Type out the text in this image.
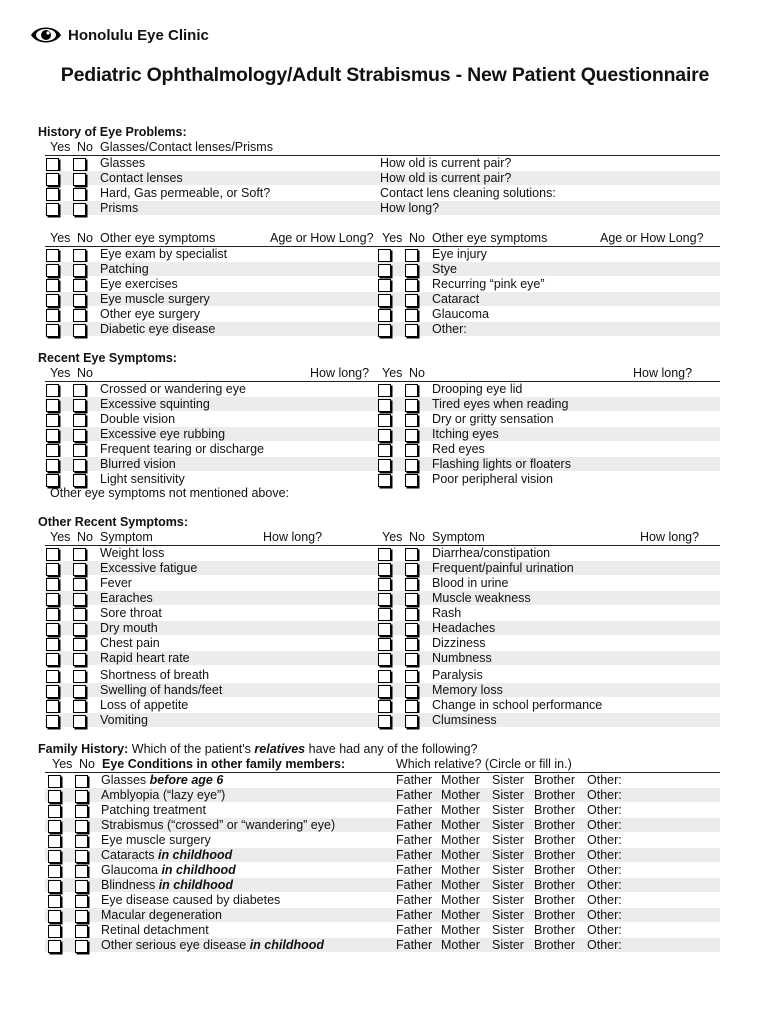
Honolulu Eye Clinic
Pediatric Ophthalmology/Adult Strabismus - New Patient Questionnaire
History of Eye Problems:
Yes No Glasses/Contact lenses/Prisms
Glasses	How old is current pair?
Contact lenses	How old is current pair?
Hard, Gas permeable, or Soft?	Contact lens cleaning solutions:
Prisms	How long?
Yes No Other eye symptoms	Age or How Long? Yes No Other eye symptoms	Age or How Long?
Eye exam by specialist	Eye injury
Patching	Stye
Eye exercises	Recurring “pink eye”
Eye muscle surgery	Cataract
Other eye surgery	Glaucoma
Diabetic eye disease	Other:
Recent Eye Symptoms:
Yes No	How long? Yes No	How long?
Crossed or wandering eye	Drooping eye lid
Excessive squinting	Tired eyes when reading
Double vision	Dry or gritty sensation
Excessive eye rubbing	Itching eyes
Frequent tearing or discharge	Red eyes
Blurred vision	Flashing lights or floaters
Light sensitivity	Poor peripheral vision
Other eye symptoms not mentioned above:
Other Recent Symptoms:
Yes No Symptom	How long?	Yes No Symptom	How long?
Weight loss	Diarrhea/constipation
Excessive fatigue	Frequent/painful urination
Fever	Blood in urine
Earaches	Muscle weakness
Sore throat	Rash
Dry mouth	Headaches
Chest pain	Dizziness
Rapid heart rate	Numbness
Shortness of breath	Paralysis
Swelling of hands/feet	Memory loss
Loss of appetite	Change in school performance
Vomiting	Clumsiness
Family History: Which of the patient's relatives have had any of the following?
Yes No Eye Conditions in other family members:	Which relative? (Circle or fill in.)
Glasses before age 6	Father Mother Sister Brother Other:
Amblyopia (“lazy eye”)	Father Mother Sister Brother Other:
Patching treatment	Father Mother Sister Brother Other:
Strabismus (“crossed” or “wandering” eye)	Father Mother Sister Brother Other:
Eye muscle surgery	Father Mother Sister Brother Other:
Cataracts in childhood	Father Mother Sister Brother Other:
Glaucoma in childhood	Father Mother Sister Brother Other:
Blindness in childhood	Father Mother Sister Brother Other:
Eye disease caused by diabetes	Father Mother Sister Brother Other:
Macular degeneration	Father Mother Sister Brother Other:
Retinal detachment	Father Mother Sister Brother Other:
Other serious eye disease in childhood	Father Mother Sister Brother Other:
